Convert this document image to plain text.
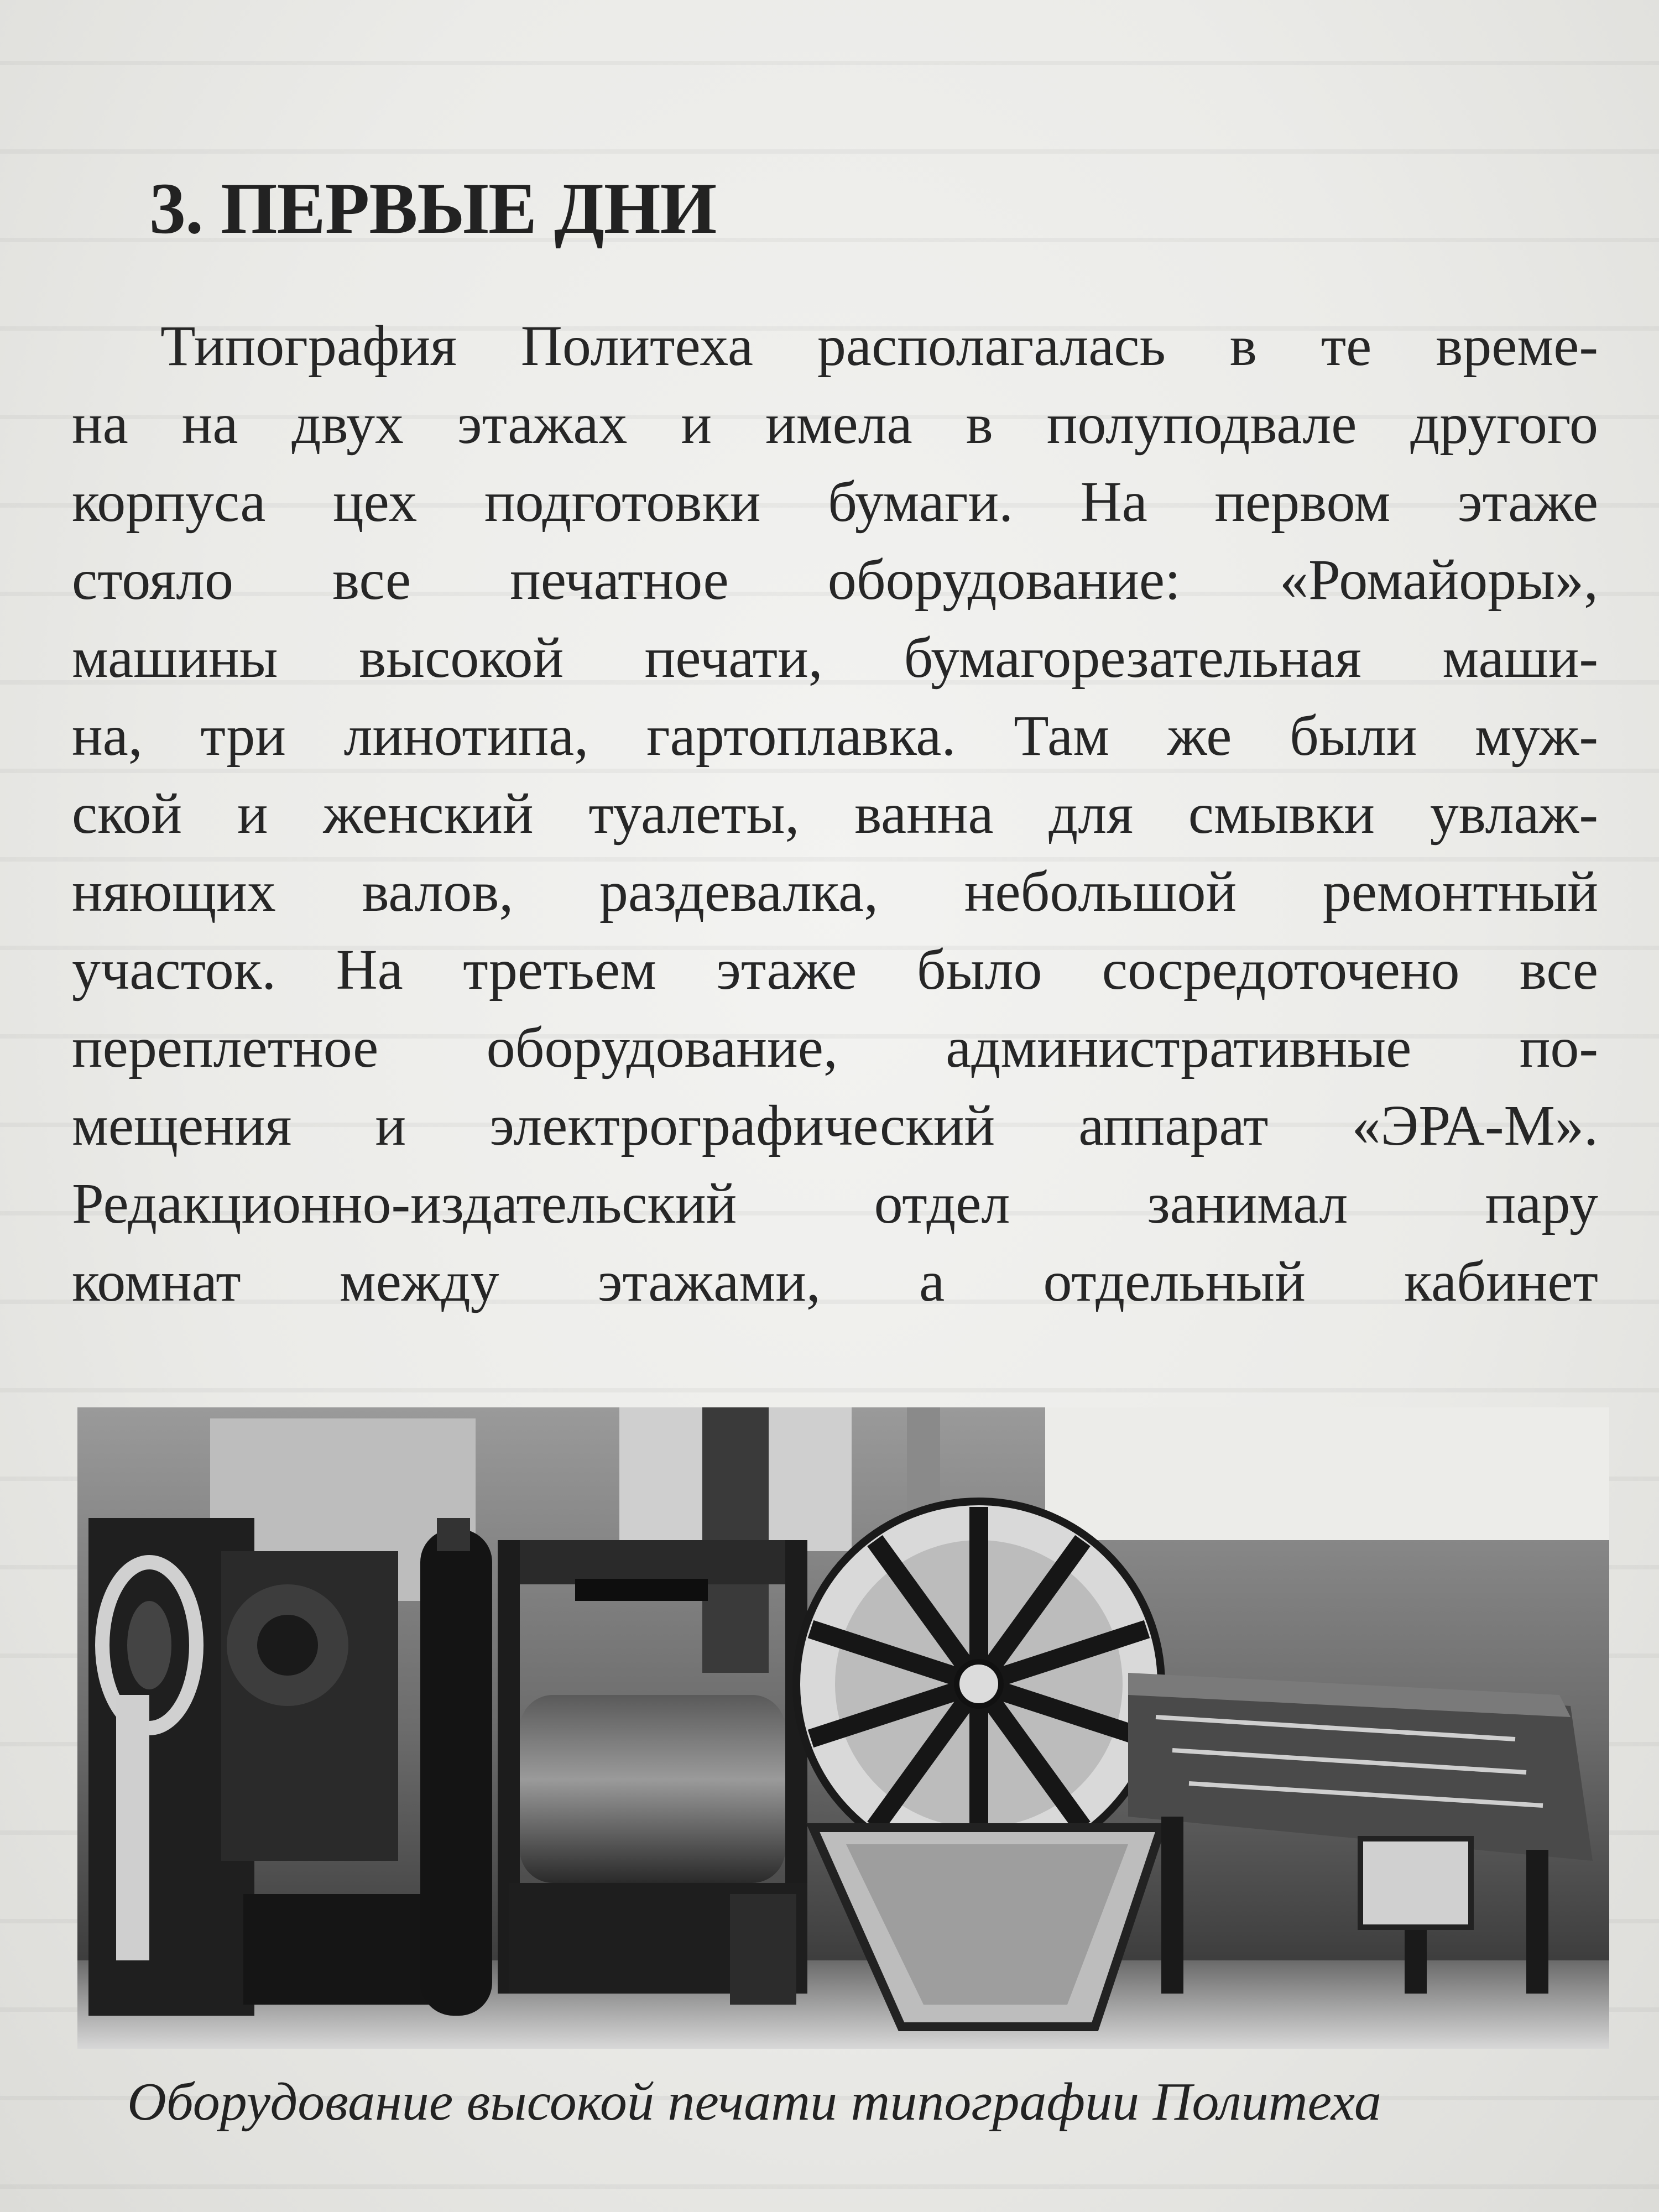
3. ПЕРВЫЕ ДНИ
Типография Политеха располагалась в те време-
на на двух этажах и имела в полуподвале другого
корпуса цех подготовки бумаги. На первом этаже
стояло все печатное оборудование: «Ромайоры»,
машины высокой печати, бумагорезательная маши-
на, три линотипа, гартоплавка. Там же были муж-
ской и женский туалеты, ванна для смывки увлаж-
няющих валов, раздевалка, небольшой ремонтный
участок. На третьем этаже было сосредоточено все
переплетное оборудование, административные по-
мещения и электрографический аппарат «ЭРА-М».
Редакционно-издательский отдел занимал пару
комнат между этажами, а отдельный кабинет

Оборудование высокой печати типографии Политеха
